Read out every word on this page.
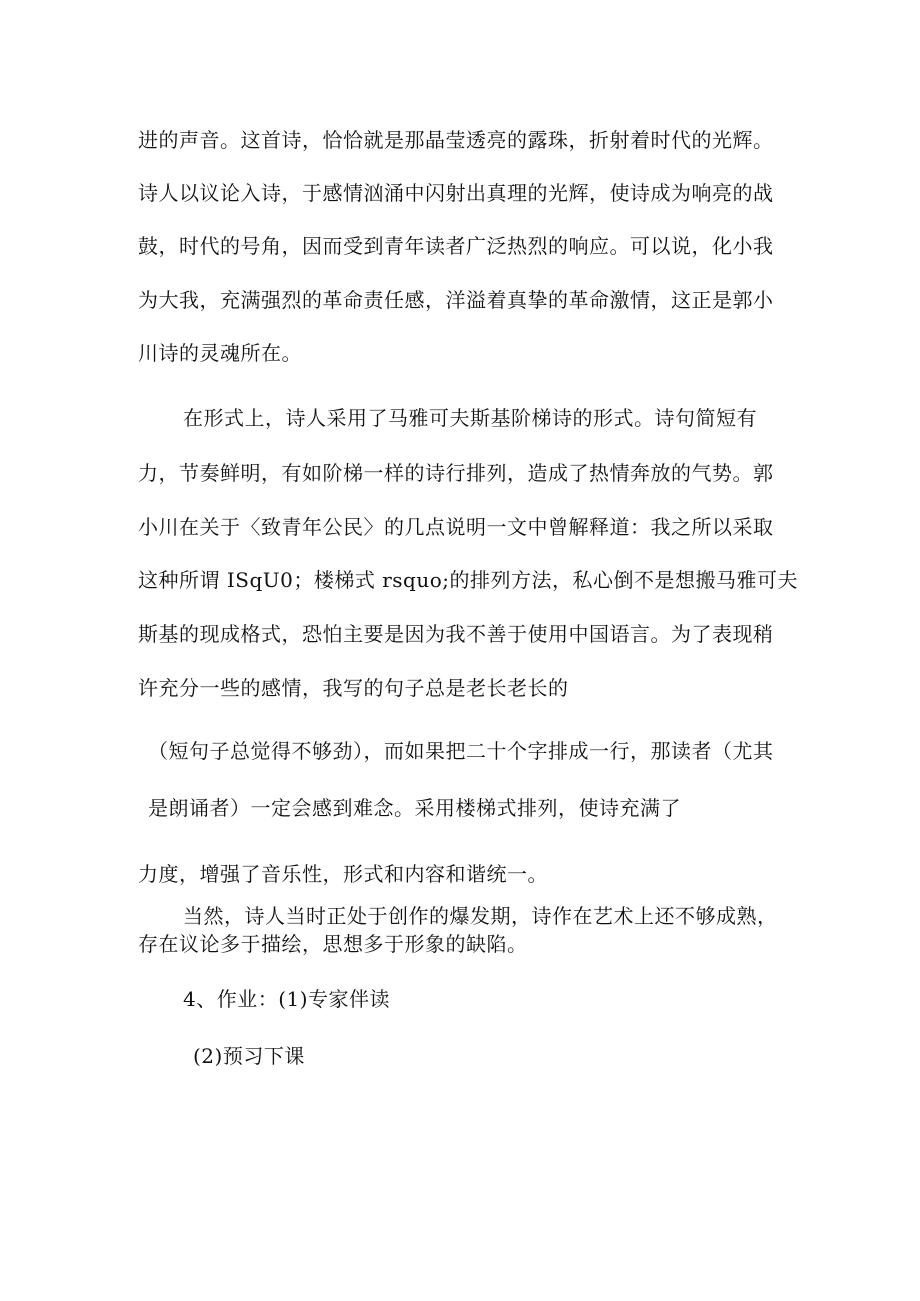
进的声音。这首诗，恰恰就是那晶莹透亮的露珠，折射着时代的光辉。
诗人以议论入诗，于感情汹涌中闪射出真理的光辉，使诗成为响亮的战
鼓，时代的号角，因而受到青年读者广泛热烈的响应。可以说，化小我
为大我，充满强烈的革命责任感，洋溢着真挚的革命激情，这正是郭小
川诗的灵魂所在。
在形式上，诗人采用了马雅可夫斯基阶梯诗的形式。诗句简短有
力，节奏鲜明，有如阶梯一样的诗行排列，造成了热情奔放的气势。郭
小川在关于〈致青年公民〉的几点说明一文中曾解释道：我之所以采取
这种所谓 ISqU0；楼梯式 rsquo;的排列方法，私心倒不是想搬马雅可夫
斯基的现成格式，恐怕主要是因为我不善于使用中国语言。为了表现稍
许充分一些的感情，我写的句子总是老长老长的
（短句子总觉得不够劲），而如果把二十个字排成一行，那读者（尤其
是朗诵者）一定会感到难念。采用楼梯式排列，使诗充满了
力度，增强了音乐性，形式和内容和谐统一。
当然，诗人当时正处于创作的爆发期，诗作在艺术上还不够成熟，
存在议论多于描绘，思想多于形象的缺陷。
4、作业：(1)专家伴读
(2)预习下课
